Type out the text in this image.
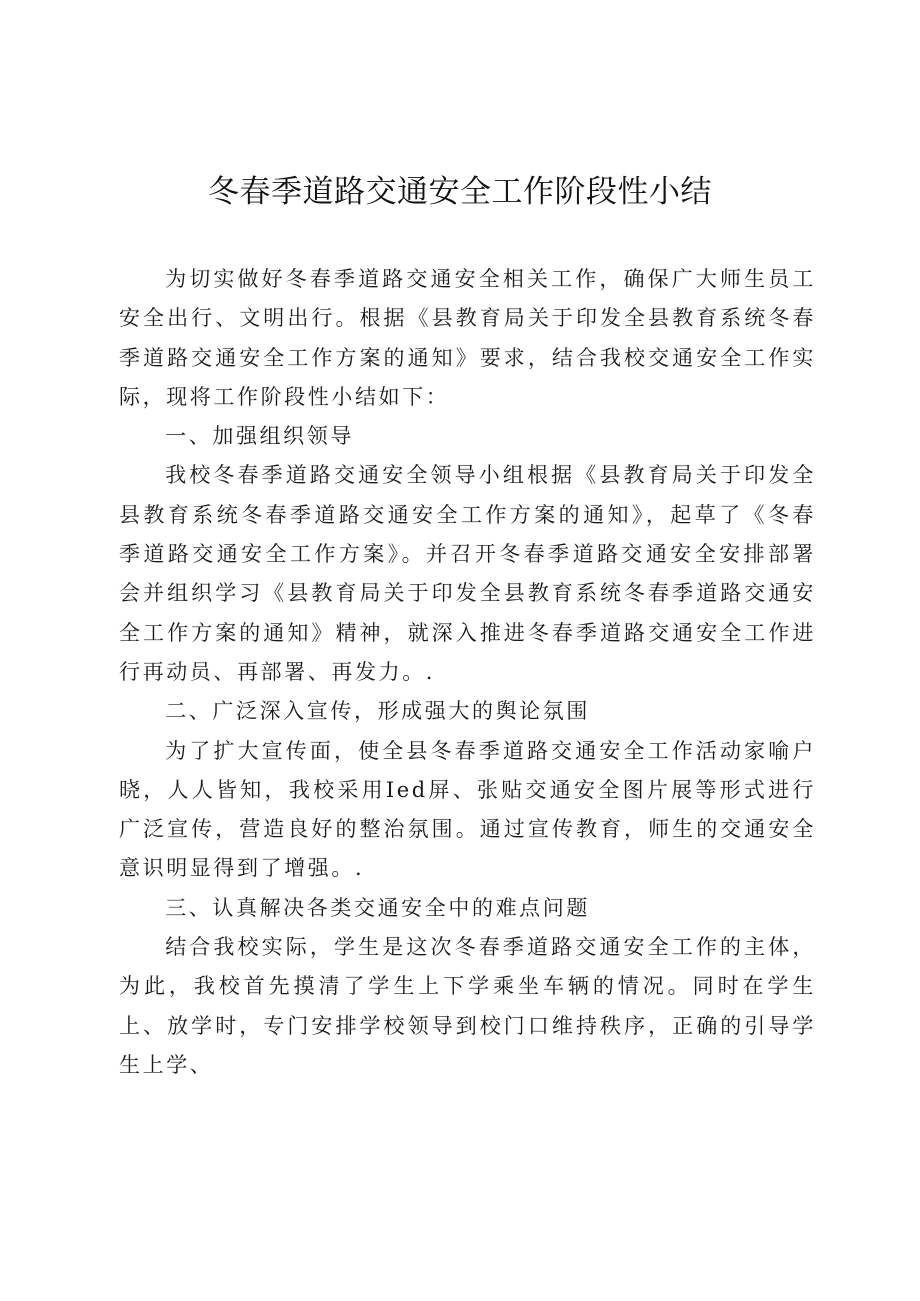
冬春季道路交通安全工作阶段性小结

为切实做好冬春季道路交通安全相关工作，确保广大师生员工安全出行、文明出行。根据《县教育局关于印发全县教育系统冬春季道路交通安全工作方案的通知》要求，结合我校交通安全工作实际，现将工作阶段性小结如下：

一、加强组织领导

我校冬春季道路交通安全领导小组根据《县教育局关于印发全县教育系统冬春季道路交通安全工作方案的通知》，起草了《冬春季道路交通安全工作方案》。并召开冬春季道路交通安全安排部署会并组织学习《县教育局关于印发全县教育系统冬春季道路交通安全工作方案的通知》精神，就深入推进冬春季道路交通安全工作进行再动员、再部署、再发力。.

二、广泛深入宣传，形成强大的舆论氛围

为了扩大宣传面，使全县冬春季道路交通安全工作活动家喻户晓，人人皆知，我校采用Ied屏、张贴交通安全图片展等形式进行广泛宣传，营造良好的整治氛围。通过宣传教育，师生的交通安全意识明显得到了增强。.

三、认真解决各类交通安全中的难点问题

结合我校实际，学生是这次冬春季道路交通安全工作的主体，为此，我校首先摸清了学生上下学乘坐车辆的情况。同时在学生上、放学时，专门安排学校领导到校门口维持秩序，正确的引导学生上学、
